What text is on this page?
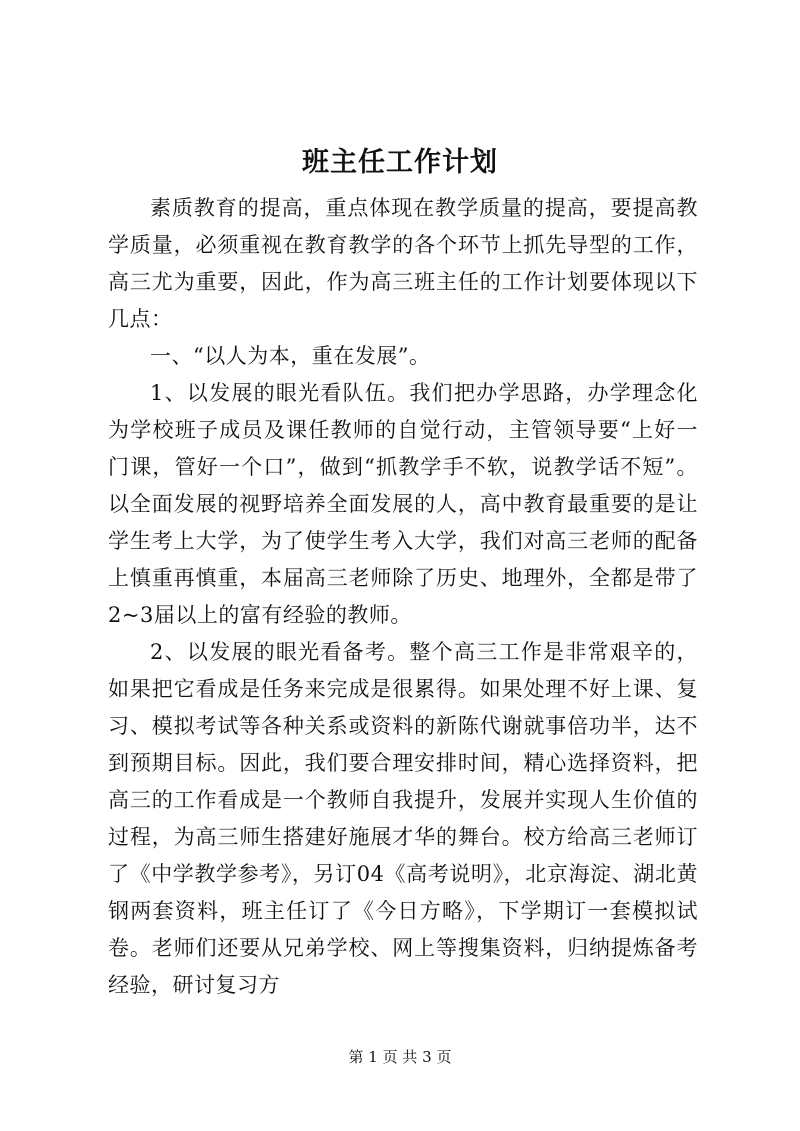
班主任工作计划

素质教育的提高，重点体现在教学质量的提高，要提高教学质量，必须重视在教育教学的各个环节上抓先导型的工作，高三尤为重要，因此，作为高三班主任的工作计划要体现以下几点：

一、“以人为本，重在发展”。

1、以发展的眼光看队伍。我们把办学思路，办学理念化为学校班子成员及课任教师的自觉行动，主管领导要“上好一门课，管好一个口”，做到“抓教学手不软，说教学话不短”。以全面发展的视野培养全面发展的人，高中教育最重要的是让学生考上大学，为了使学生考入大学，我们对高三老师的配备上慎重再慎重，本届高三老师除了历史、地理外，全都是带了2~3届以上的富有经验的教师。

2、以发展的眼光看备考。整个高三工作是非常艰辛的，如果把它看成是任务来完成是很累得。如果处理不好上课、复习、模拟考试等各种关系或资料的新陈代谢就事倍功半，达不到预期目标。因此，我们要合理安排时间，精心选择资料，把高三的工作看成是一个教师自我提升，发展并实现人生价值的过程，为高三师生搭建好施展才华的舞台。校方给高三老师订了《中学教学参考》，另订04《高考说明》，北京海淀、湖北黄钢两套资料，班主任订了《今日方略》，下学期订一套模拟试卷。老师们还要从兄弟学校、网上等搜集资料，归纳提炼备考经验，研讨复习方

第 1 页 共 3 页
